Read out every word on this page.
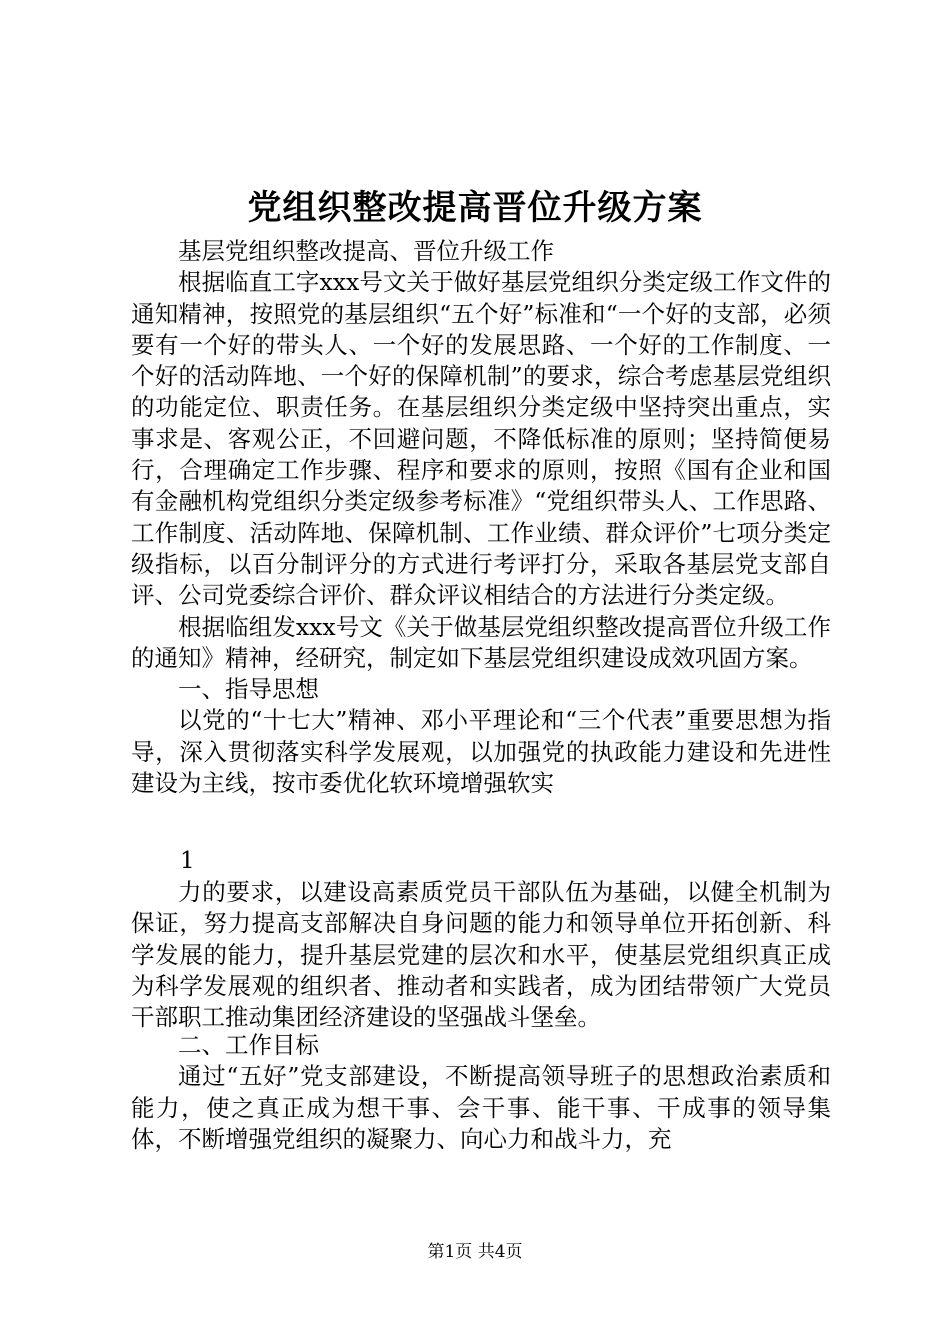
党组织整改提高晋位升级方案

基层党组织整改提高、晋位升级工作

根据临直工字xxx号文关于做好基层党组织分类定级工作文件的通知精神，按照党的基层组织“五个好”标准和“一个好的支部，必须要有一个好的带头人、一个好的发展思路、一个好的工作制度、一个好的活动阵地、一个好的保障机制”的要求，综合考虑基层党组织的功能定位、职责任务。在基层组织分类定级中坚持突出重点，实事求是、客观公正，不回避问题，不降低标准的原则；坚持简便易行，合理确定工作步骤、程序和要求的原则，按照《国有企业和国有金融机构党组织分类定级参考标准》“党组织带头人、工作思路、工作制度、活动阵地、保障机制、工作业绩、群众评价”七项分类定级指标，以百分制评分的方式进行考评打分，采取各基层党支部自评、公司党委综合评价、群众评议相结合的方法进行分类定级。

根据临组发xxx号文《关于做基层党组织整改提高晋位升级工作的通知》精神，经研究，制定如下基层党组织建设成效巩固方案。

一、指导思想

以党的“十七大”精神、邓小平理论和“三个代表”重要思想为指导，深入贯彻落实科学发展观，以加强党的执政能力建设和先进性建设为主线，按市委优化软环境增强软实

1

力的要求，以建设高素质党员干部队伍为基础，以健全机制为保证，努力提高支部解决自身问题的能力和领导单位开拓创新、科学发展的能力，提升基层党建的层次和水平，使基层党组织真正成为科学发展观的组织者、推动者和实践者，成为团结带领广大党员干部职工推动集团经济建设的坚强战斗堡垒。

二、工作目标

通过“五好”党支部建设，不断提高领导班子的思想政治素质和能力，使之真正成为想干事、会干事、能干事、干成事的领导集体，不断增强党组织的凝聚力、向心力和战斗力，充

第1页 共4页
